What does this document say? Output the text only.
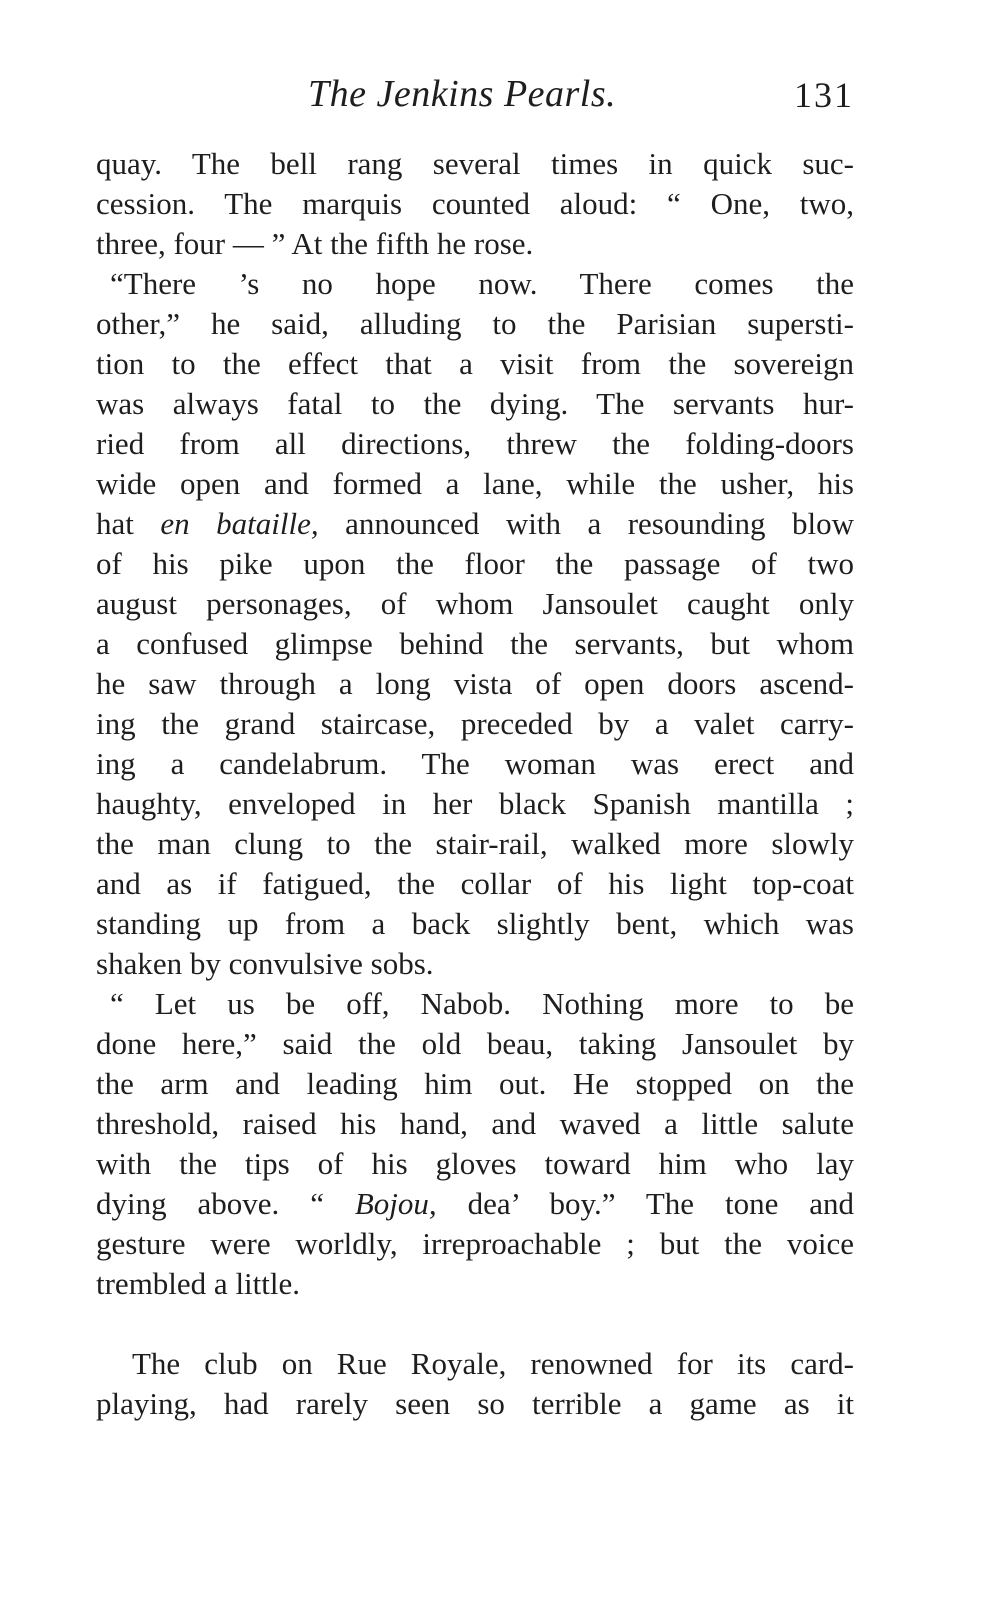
The Jenkins Pearls.	131
quay. The bell rang several times in quick suc-
cession. The marquis counted aloud: “ One, two,
three, four — ” At the fifth he rose.
“There ’s no hope now. There comes the
other,” he said, alluding to the Parisian supersti-
tion to the effect that a visit from the sovereign
was always fatal to the dying. The servants hur-
ried from all directions, threw the folding-doors
wide open and formed a lane, while the usher, his
hat en bataille, announced with a resounding blow
of his pike upon the floor the passage of two
august personages, of whom Jansoulet caught only
a confused glimpse behind the servants, but whom
he saw through a long vista of open doors ascend-
ing the grand staircase, preceded by a valet carry-
ing a candelabrum. The woman was erect and
haughty, enveloped in her black Spanish mantilla ;
the man clung to the stair-rail, walked more slowly
and as if fatigued, the collar of his light top-coat
standing up from a back slightly bent, which was
shaken by convulsive sobs.
“ Let us be off, Nabob. Nothing more to be
done here,” said the old beau, taking Jansoulet by
the arm and leading him out. He stopped on the
threshold, raised his hand, and waved a little salute
with the tips of his gloves toward him who lay
dying above. “ Bojou, dea’ boy.” The tone and
gesture were worldly, irreproachable ; but the voice
trembled a little.
The club on Rue Royale, renowned for its card-
playing, had rarely seen so terrible a game as it
